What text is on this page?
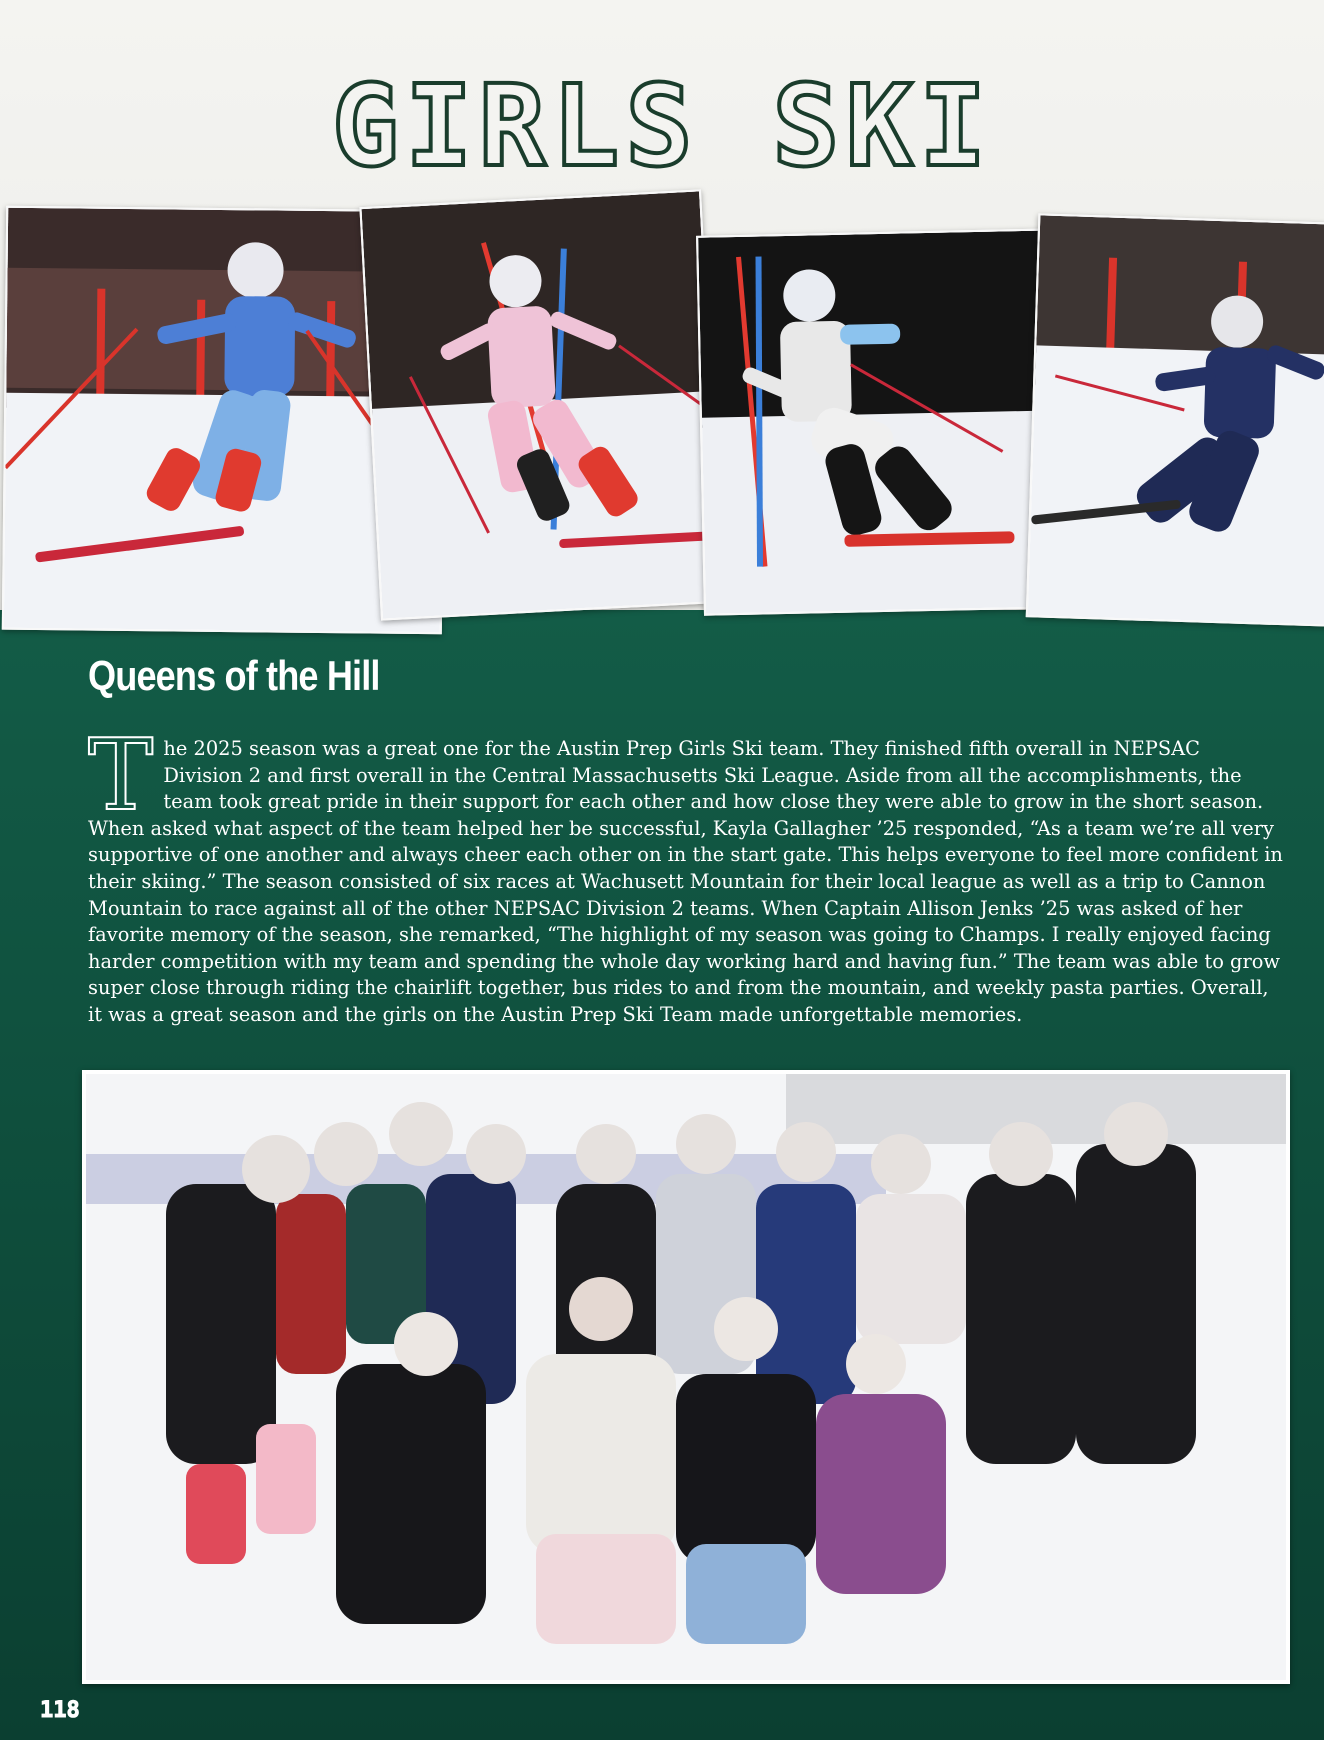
GIRLS SKI
Queens of the Hill
The 2025 season was a great one for the Austin Prep Girls Ski team. They finished fifth overall in NEPSAC Division 2 and first overall in the Central Massachusetts Ski League. Aside from all the accomplishments, the team took great pride in their support for each other and how close they were able to grow in the short season. When asked what aspect of the team helped her be successful, Kayla Gallagher ’25 responded, “As a team we’re all very supportive of one another and always cheer each other on in the start gate. This helps everyone to feel more confident in their skiing.” The season consisted of six races at Wachusett Mountain for their local league as well as a trip to Cannon Mountain to race against all of the other NEPSAC Division 2 teams. When Captain Allison Jenks ’25 was asked of her favorite memory of the season, she remarked, “The highlight of my season was going to Champs. I really enjoyed facing harder competition with my team and spending the whole day working hard and having fun.” The team was able to grow super close through riding the chairlift together, bus rides to and from the mountain, and weekly pasta parties. Overall, it was a great season and the girls on the Austin Prep Ski Team made unforgettable memories.
118
